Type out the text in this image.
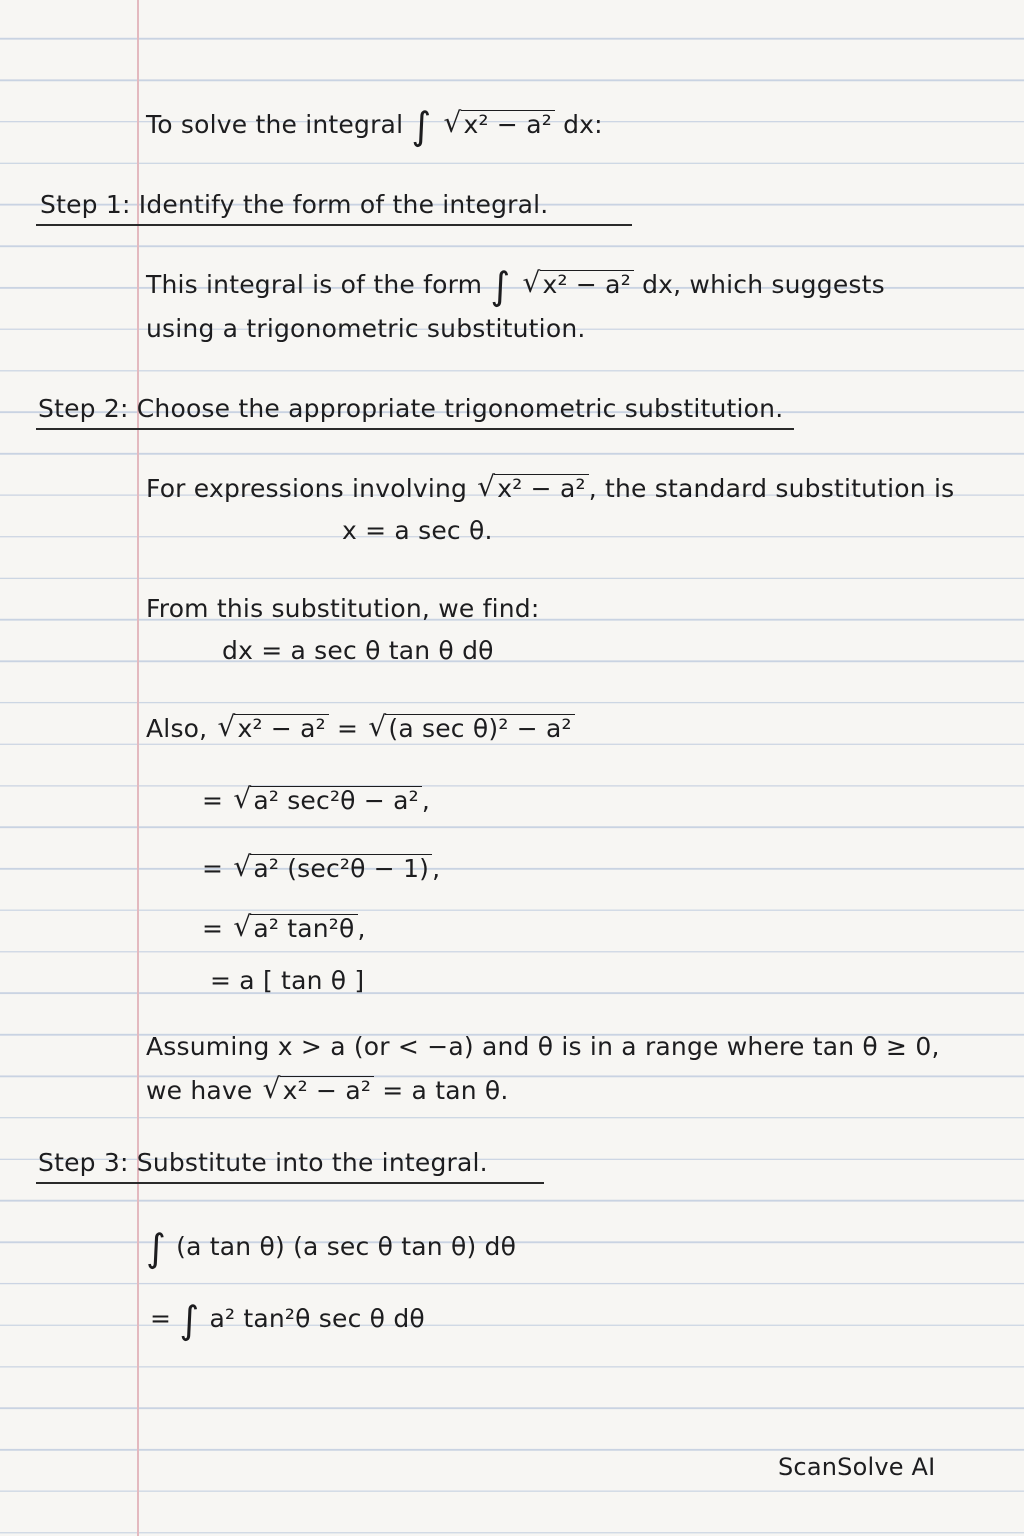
To solve the integral ∫ √ x² − a² dx:
Step 1: Identify the form of the integral.
This integral is of the form ∫ √ x² − a² dx, which suggests
using a trigonometric substitution.
Step 2: Choose the appropriate trigonometric substitution.
For expressions involving √ x² − a² , the standard substitution is
x = a sec θ.
From this substitution, we find:
dx = a sec θ tan θ dθ
Also, √ x² − a² = √ (a sec θ)² − a²
= √ a² sec²θ − a² ,
= √ a² (sec²θ − 1) ,
= √ a² tan²θ ,
= a [ tan θ ]
Assuming x > a (or < −a) and θ is in a range where tan θ ≥ 0,
we have √ x² − a² = a tan θ.
Step 3: Substitute into the integral.
∫ (a tan θ) (a sec θ tan θ) dθ
= ∫ a² tan²θ sec θ dθ
ScanSolve AI
